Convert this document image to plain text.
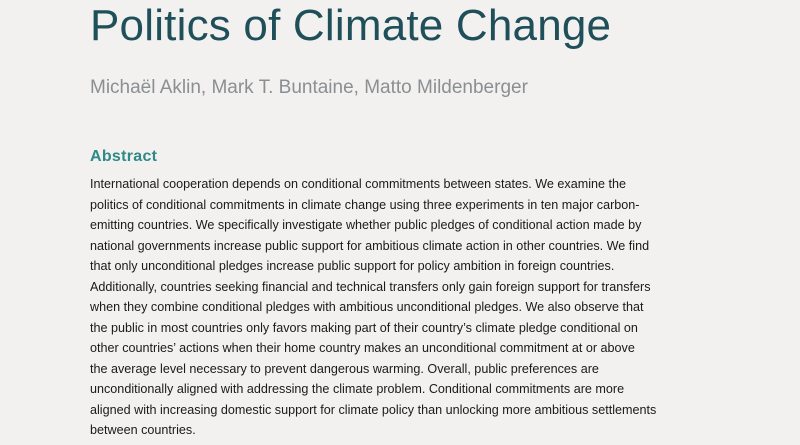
Politics of Climate Change

Michaël Aklin, Mark T. Buntaine, Matto Mildenberger

Abstract
International cooperation depends on conditional commitments between states. We examine the
politics of conditional commitments in climate change using three experiments in ten major carbon-
emitting countries. We specifically investigate whether public pledges of conditional action made by
national governments increase public support for ambitious climate action in other countries. We find
that only unconditional pledges increase public support for policy ambition in foreign countries.
Additionally, countries seeking financial and technical transfers only gain foreign support for transfers
when they combine conditional pledges with ambitious unconditional pledges. We also observe that
the public in most countries only favors making part of their country’s climate pledge conditional on
other countries’ actions when their home country makes an unconditional commitment at or above
the average level necessary to prevent dangerous warming. Overall, public preferences are
unconditionally aligned with addressing the climate problem. Conditional commitments are more
aligned with increasing domestic support for climate policy than unlocking more ambitious settlements
between countries.
